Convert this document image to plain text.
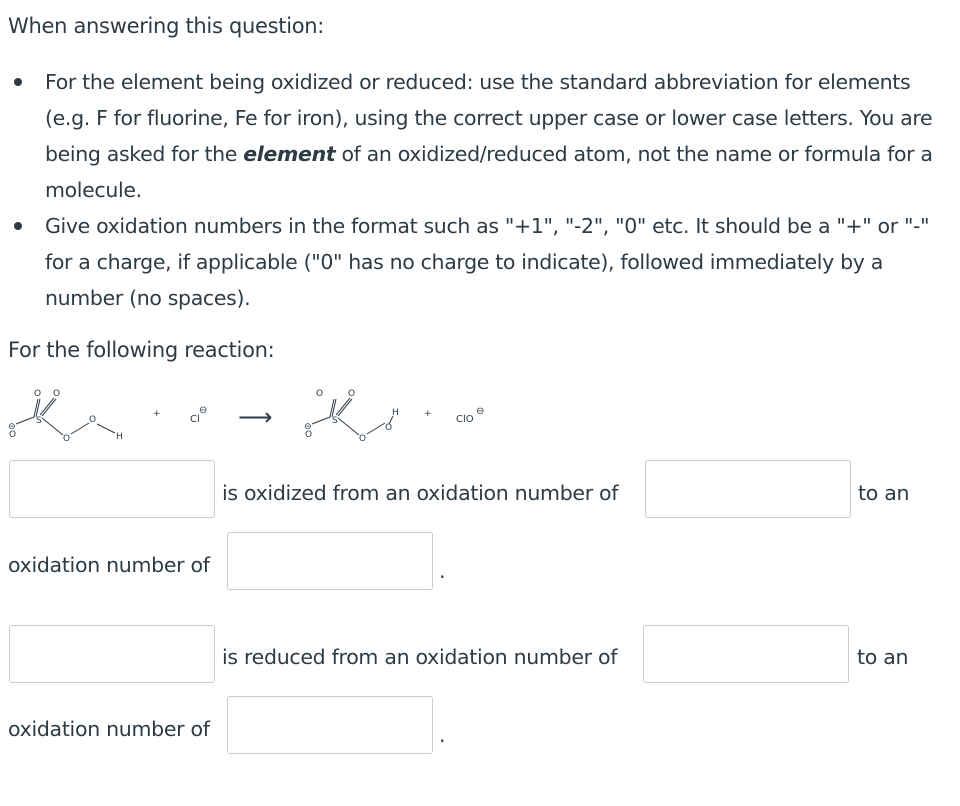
When answering this question:
For the element being oxidized or reduced: use the standard abbreviation for elements (e.g. F for fluorine, Fe for iron), using the correct upper case or lower case letters. You are being asked for the element of an oxidized/reduced atom, not the name or formula for a molecule.
Give oxidation numbers in the format such as "+1", "-2", "0" etc. It should be a "+" or "-" for a charge, if applicable ("0" has no charge to indicate), followed immediately by a number (no spaces).
For the following reaction:
O O
S
O
O
H
O
⊖
+	Cl
⊖ ⟶
O	O
S
O
O
H
O
⊖
+ ClO
⊖
is oxidized from an oxidation number of	to an
oxidation number of	.
is reduced from an oxidation number of	to an
oxidation number of	.
